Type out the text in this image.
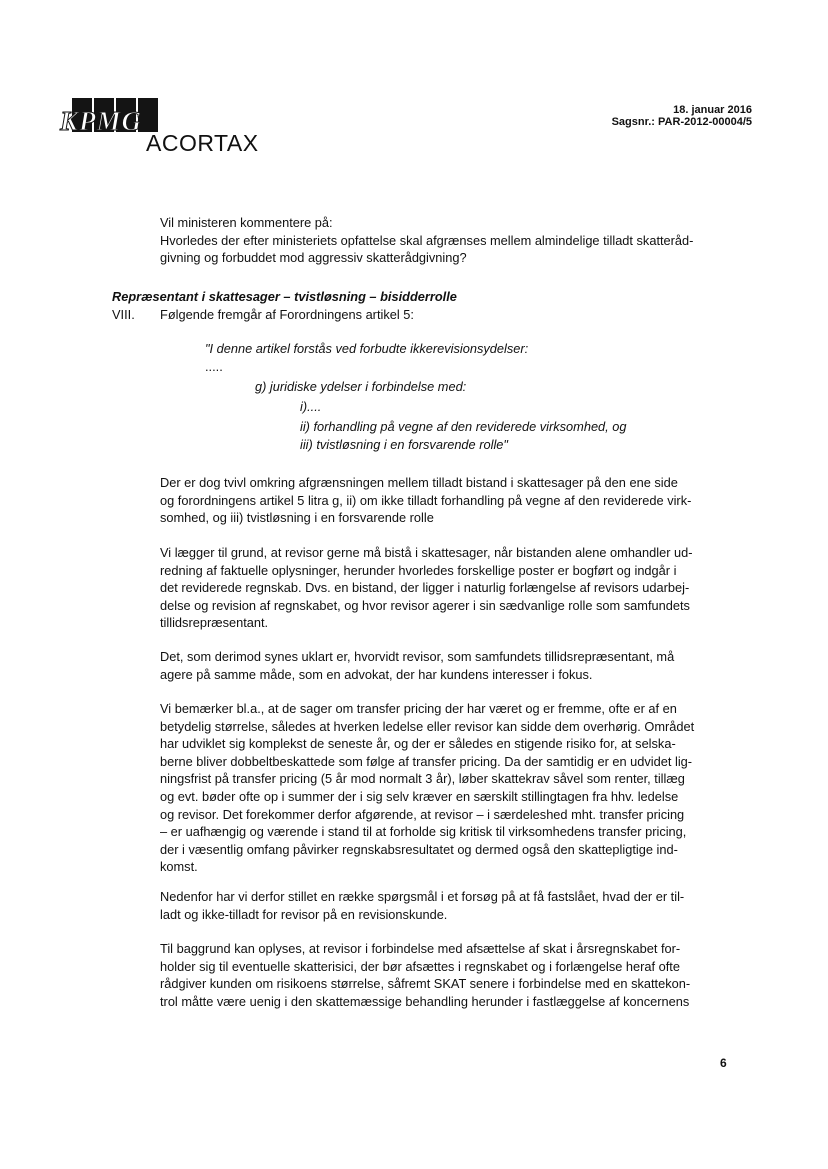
KPMG
ACORTAX
18. januar 2016
Sagsnr.: PAR-2012-00004/5
Vil ministeren kommentere på:
Hvorledes der efter ministeriets opfattelse skal afgrænses mellem almindelige tilladt skatteråd-
givning og forbuddet mod aggressiv skatterådgivning?
Repræsentant i skattesager – tvistløsning – bisidderrolle
VIII. Følgende fremgår af Forordningens artikel 5:
"I denne artikel forstås ved forbudte ikkerevisionsydelser:
.....
g) juridiske ydelser i forbindelse med:
i)....
ii) forhandling på vegne af den reviderede virksomhed, og
iii) tvistløsning i en forsvarende rolle"
Der er dog tvivl omkring afgrænsningen mellem tilladt bistand i skattesager på den ene side
og forordningens artikel 5 litra g, ii) om ikke tilladt forhandling på vegne af den reviderede virk-
somhed, og iii) tvistløsning i en forsvarende rolle
Vi lægger til grund, at revisor gerne må bistå i skattesager, når bistanden alene omhandler ud-
redning af faktuelle oplysninger, herunder hvorledes forskellige poster er bogført og indgår i
det reviderede regnskab. Dvs. en bistand, der ligger i naturlig forlængelse af revisors udarbej-
delse og revision af regnskabet, og hvor revisor agerer i sin sædvanlige rolle som samfundets
tillidsrepræsentant.
Det, som derimod synes uklart er, hvorvidt revisor, som samfundets tillidsrepræsentant, må
agere på samme måde, som en advokat, der har kundens interesser i fokus.
Vi bemærker bl.a., at de sager om transfer pricing der har været og er fremme, ofte er af en
betydelig størrelse, således at hverken ledelse eller revisor kan sidde dem overhørig. Området
har udviklet sig komplekst de seneste år, og der er således en stigende risiko for, at selska-
berne bliver dobbeltbeskattede som følge af transfer pricing. Da der samtidig er en udvidet lig-
ningsfrist på transfer pricing (5 år mod normalt 3 år), løber skattekrav såvel som renter, tillæg
og evt. bøder ofte op i summer der i sig selv kræver en særskilt stillingtagen fra hhv. ledelse
og revisor. Det forekommer derfor afgørende, at revisor – i særdeleshed mht. transfer pricing
– er uafhængig og værende i stand til at forholde sig kritisk til virksomhedens transfer pricing,
der i væsentlig omfang påvirker regnskabsresultatet og dermed også den skattepligtige ind-
komst.
Nedenfor har vi derfor stillet en række spørgsmål i et forsøg på at få fastslået, hvad der er til-
ladt og ikke-tilladt for revisor på en revisionskunde.
Til baggrund kan oplyses, at revisor i forbindelse med afsættelse af skat i årsregnskabet for-
holder sig til eventuelle skatterisici, der bør afsættes i regnskabet og i forlængelse heraf ofte
rådgiver kunden om risikoens størrelse, såfremt SKAT senere i forbindelse med en skattekon-
trol måtte være uenig i den skattemæssige behandling herunder i fastlæggelse af koncernens
6
